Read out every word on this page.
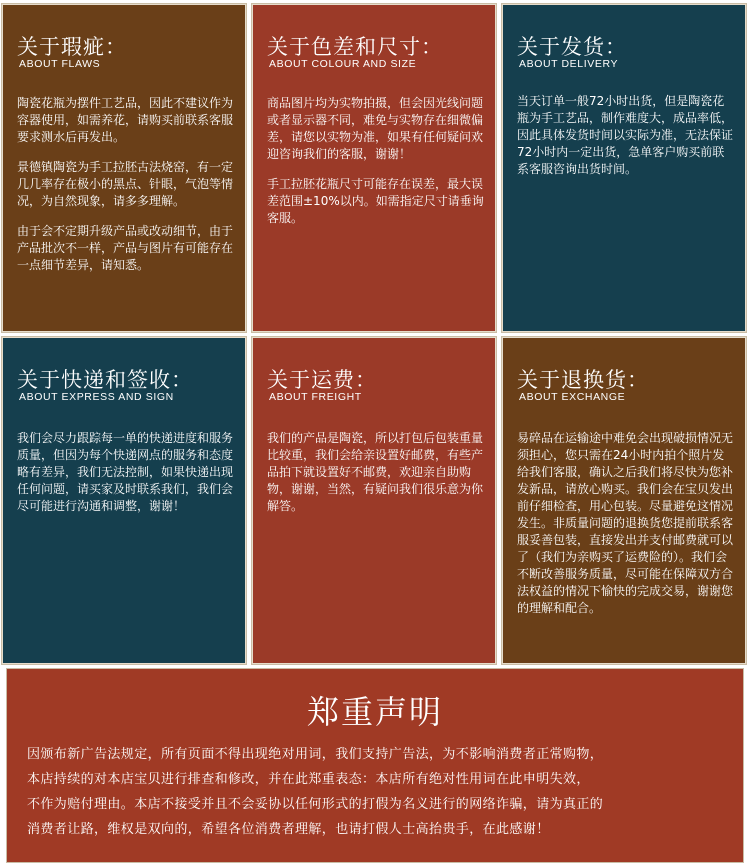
关于瑕疵：
ABOUT FLAWS

陶瓷花瓶为摆件工艺品，因此不建议作为容器使用，如需养花，请购买前联系客服要求测水后再发出。

景德镇陶瓷为手工拉胚古法烧窑，有一定几几率存在极小的黑点、针眼，气泡等情况，为自然现象，请多多理解。

由于会不定期升级产品或改动细节，由于产品批次不一样，产品与图片有可能存在一点细节差异，请知悉。

关于色差和尺寸：
ABOUT COLOUR AND SIZE

商品图片均为实物拍摄，但会因光线问题或者显示器不同，难免与实物存在细微偏差，请您以实物为准，如果有任何疑问欢迎咨询我们的客服，谢谢！

手工拉胚花瓶尺寸可能存在误差，最大误差范围±10%以内。如需指定尺寸请垂询客服。

关于发货：
ABOUT DELIVERY

当天订单一般72小时出货，但是陶瓷花瓶为手工艺品，制作难度大，成品率低，因此具体发货时间以实际为准，无法保证72小时内一定出货，急单客户购买前联系客服咨询出货时间。

关于快递和签收：
ABOUT EXPRESS AND SIGN

我们会尽力跟踪每一单的快递进度和服务质量，但因为每个快递网点的服务和态度略有差异，我们无法控制，如果快递出现任何问题，请买家及时联系我们，我们会尽可能进行沟通和调整，谢谢！

关于运费：
ABOUT FREIGHT

我们的产品是陶瓷，所以打包后包装重量比较重，我们会给亲设置好邮费，有些产品拍下就设置好不邮费，欢迎亲自助购物，谢谢，当然，有疑问我们很乐意为你解答。

关于退换货：
ABOUT EXCHANGE

易碎品在运输途中难免会出现破损情况无须担心，您只需在24小时内拍个照片发给我们客服，确认之后我们将尽快为您补发新品，请放心购买。我们会在宝贝发出前仔细检查，用心包装。尽量避免这情况发生。非质量问题的退换货您提前联系客服妥善包装，直接发出并支付邮费就可以了（我们为亲购买了运费险的）。我们会不断改善服务质量，尽可能在保障双方合法权益的情况下愉快的完成交易，谢谢您的理解和配合。

郑重声明

因颁布新广告法规定，所有页面不得出现绝对用词，我们支持广告法，为不影响消费者正常购物，

本店持续的对本店宝贝进行排查和修改，并在此郑重表态：本店所有绝对性用词在此申明失效，

不作为赔付理由。本店不接受并且不会妥协以任何形式的打假为名义进行的网络诈骗，请为真正的

消费者让路，维权是双向的，希望各位消费者理解，也请打假人士高抬贵手，在此感谢！
